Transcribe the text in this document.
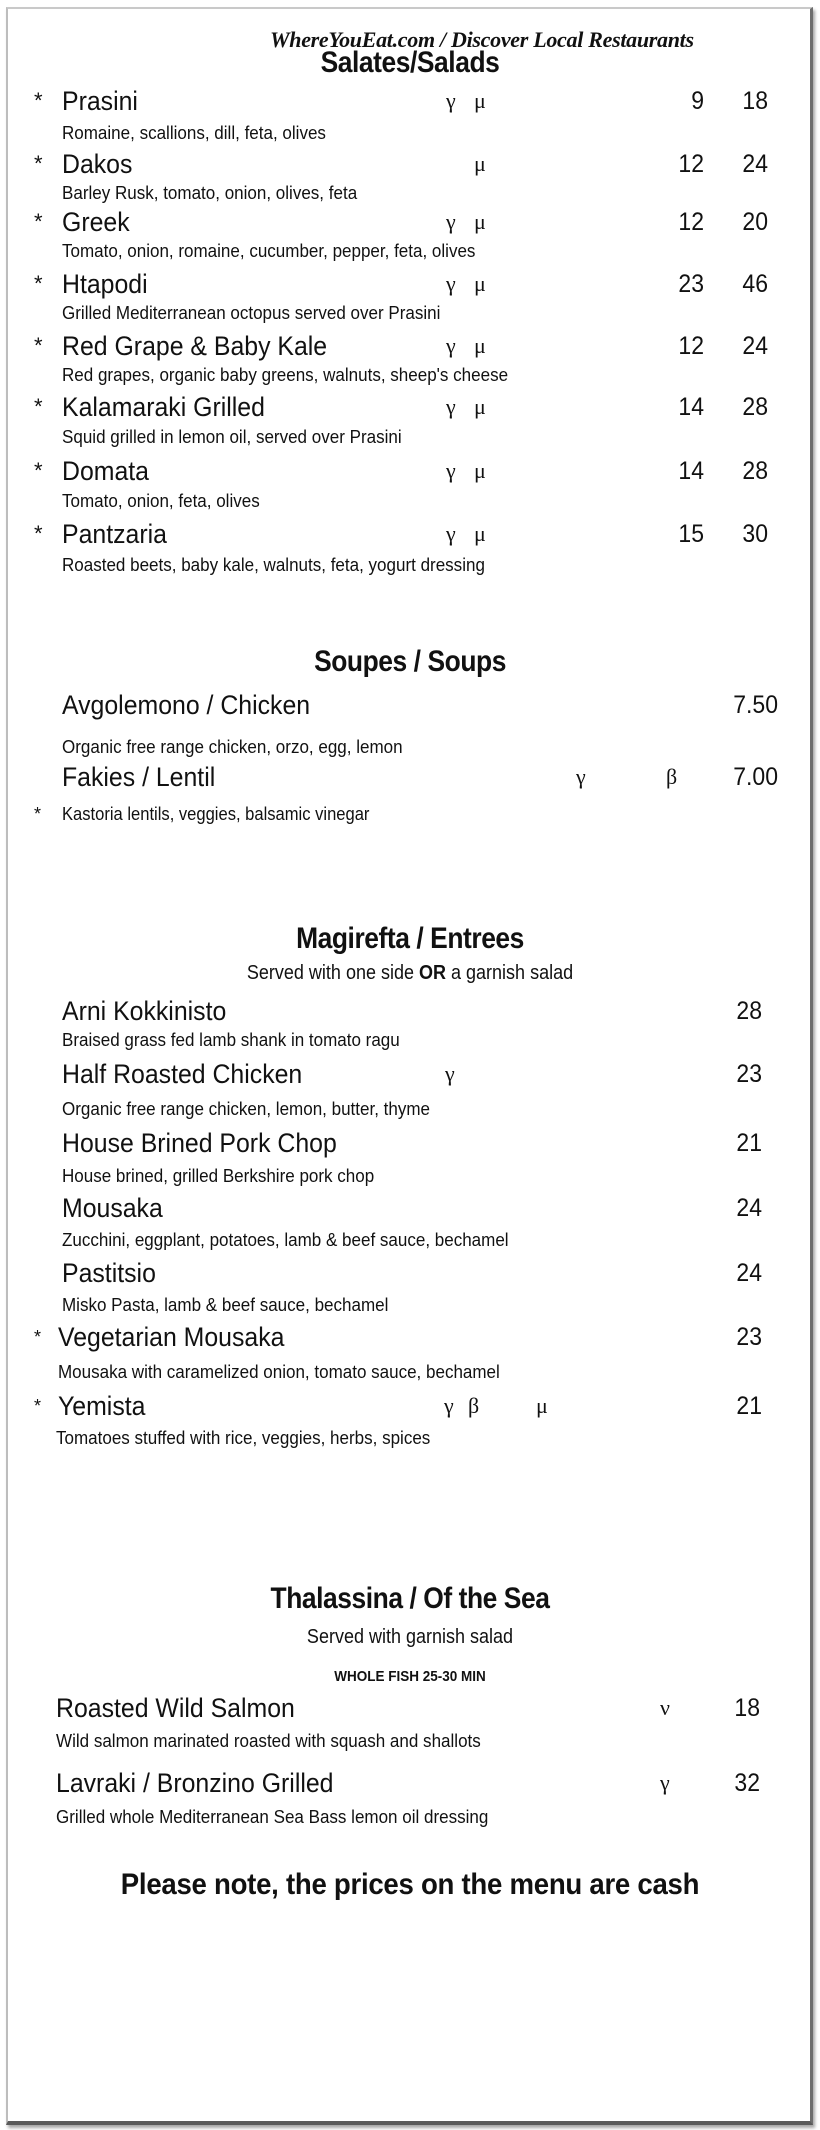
WhereYouEat.com / Discover Local Restaurants
Salates/Salads
* Prasini	γ μ	9	18
Romaine, scallions, dill, feta, olives
* Dakos	μ	12	24
Barley Rusk, tomato, onion, olives, feta
* Greek	γ μ	12	20
Tomato, onion, romaine, cucumber, pepper, feta, olives
* Htapodi	γ μ	23	46
Grilled Mediterranean octopus served over Prasini
* Red Grape & Baby Kale	γ μ	12	24
Red grapes, organic baby greens, walnuts, sheep's cheese
* Kalamaraki Grilled	γ μ	14	28
Squid grilled in lemon oil, served over Prasini
* Domata	γ μ	14	28
Tomato, onion, feta, olives
* Pantzaria	γ μ	15	30
Roasted beets, baby kale, walnuts, feta, yogurt dressing
Soupes / Soups
Avgolemono / Chicken	7.50
Organic free range chicken, orzo, egg, lemon
Fakies / Lentil	γ	β	7.00
* Kastoria lentils, veggies, balsamic vinegar
Magirefta / Entrees
Served with one side OR a garnish salad
Arni Kokkinisto	28
Braised grass fed lamb shank in tomato ragu
Half Roasted Chicken	γ	23
Organic free range chicken, lemon, butter, thyme
House Brined Pork Chop	21
House brined, grilled Berkshire pork chop
Mousaka	24
Zucchini, eggplant, potatoes, lamb & beef sauce, bechamel
Pastitsio	24
Misko Pasta, lamb & beef sauce, bechamel
* Vegetarian Mousaka	23
Mousaka with caramelized onion, tomato sauce, bechamel
* Yemista	γ β	μ	21
Tomatoes stuffed with rice, veggies, herbs, spices
Thalassina / Of the Sea
Served with garnish salad
WHOLE FISH 25-30 MIN
Roasted Wild Salmon	ν	18
Wild salmon marinated roasted with squash and shallots
Lavraki / Bronzino Grilled	γ	32
Grilled whole Mediterranean Sea Bass lemon oil dressing
Please note, the prices on the menu are cash
